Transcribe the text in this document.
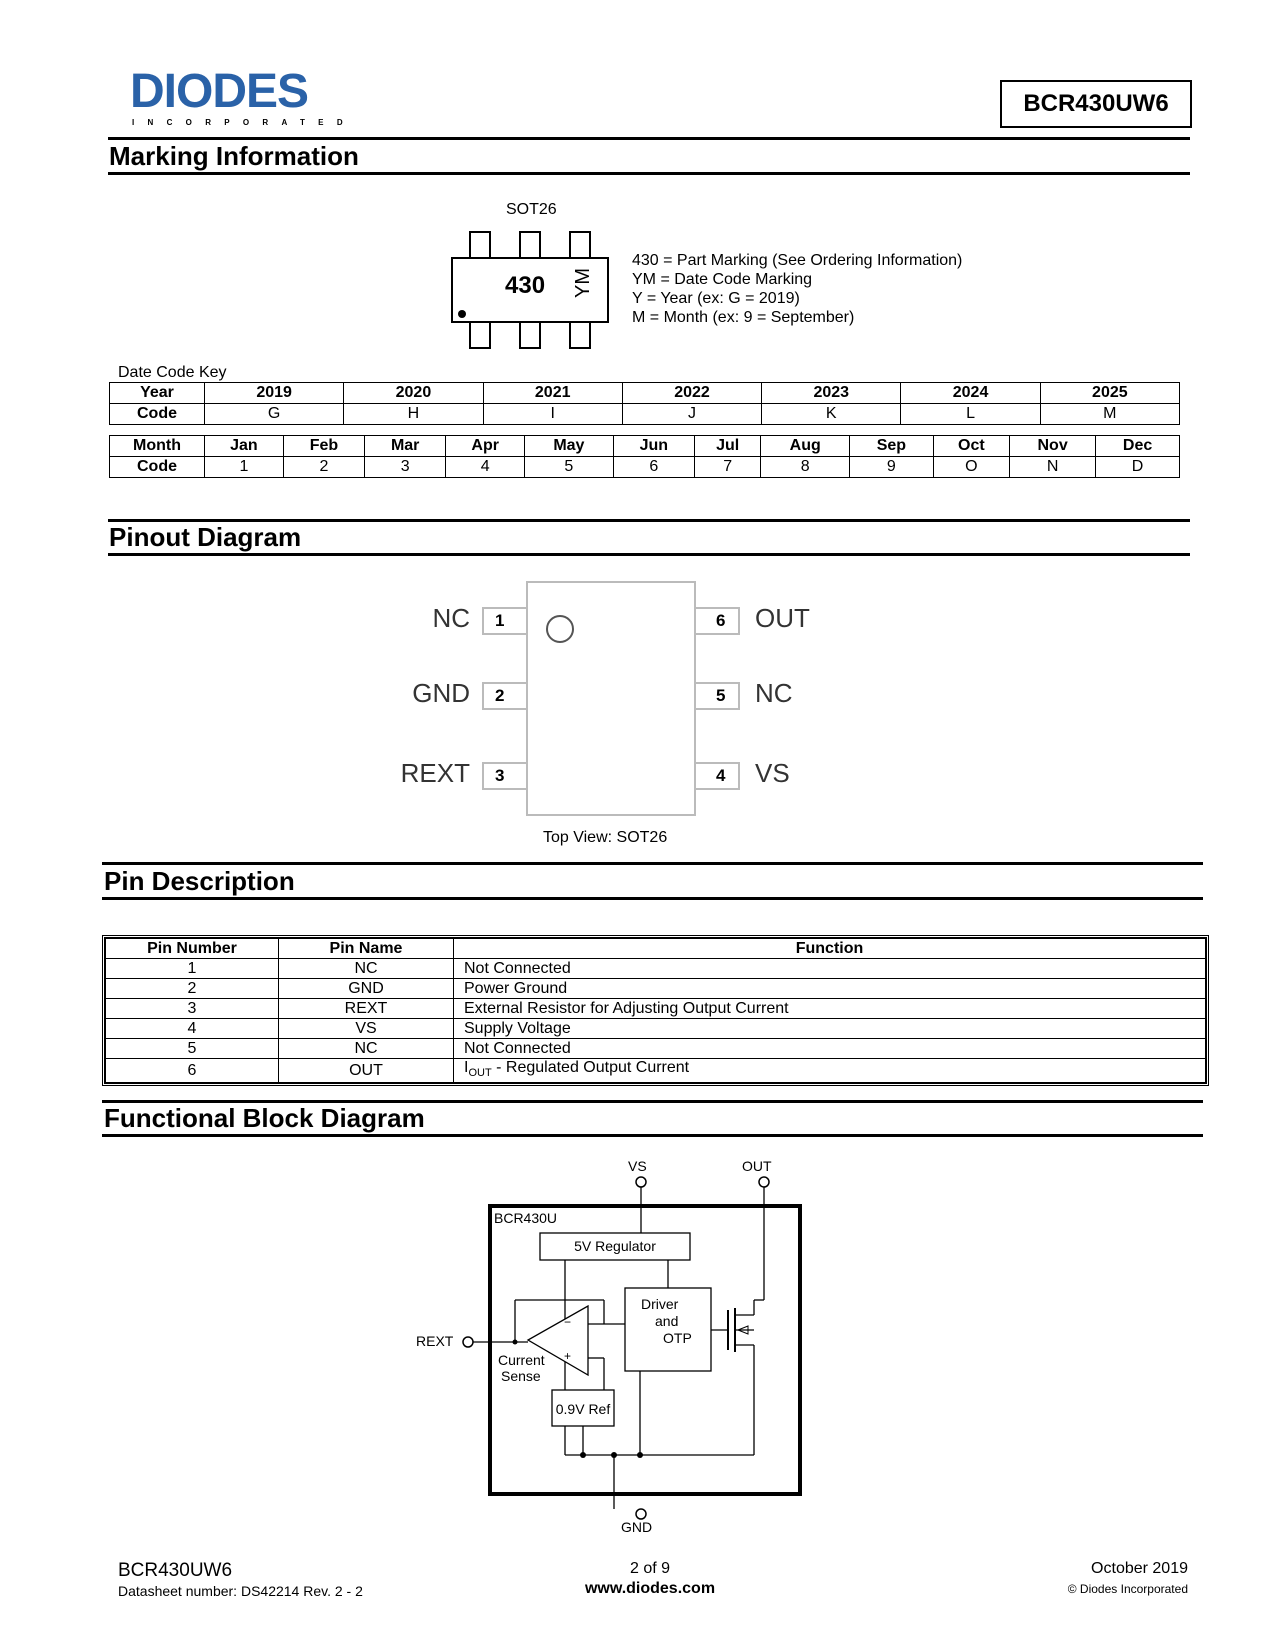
DIODES
INCORPORATED
BCR430UW6
Marking Information
SOT26
430 YM
430 = Part Marking (See Ordering Information)
YM = Date Code Marking
Y = Year (ex: G = 2019)
M = Month (ex: 9 = September)
Date Code Key
Year	2019	2020	2021	2022	2023	2024	2025
Code	G	H	I	J	K	L	M
Month	Jan	Feb	Mar	Apr	May	Jun	Jul	Aug	Sep	Oct	Nov	Dec
Code	1	2	3	4	5	6	7	8	9	O	N	D
Pinout Diagram
1
2
3
6
5
4
NC
GND
REXT
OUT
NC
VS
Top View: SOT26
Pin Description
Pin Number	Pin Name	Function
1	NC	Not Connected
2	GND	Power Ground
3	REXT	External Resistor for Adjusting Output Current
4	VS	Supply Voltage
5	NC	Not Connected
6	OUT	$I_{OUT}$ - Regulated Output Current
Functional Block Diagram
VS	OUT
GND
REXT
BCR430U
5V Regulator
Driver
and
OTP
Current
Sense
0.9V Ref
−
+
BCR430UW6
Datasheet number: DS42214 Rev. 2 - 2
2 of 9
www.diodes.com
October 2019
© Diodes Incorporated
